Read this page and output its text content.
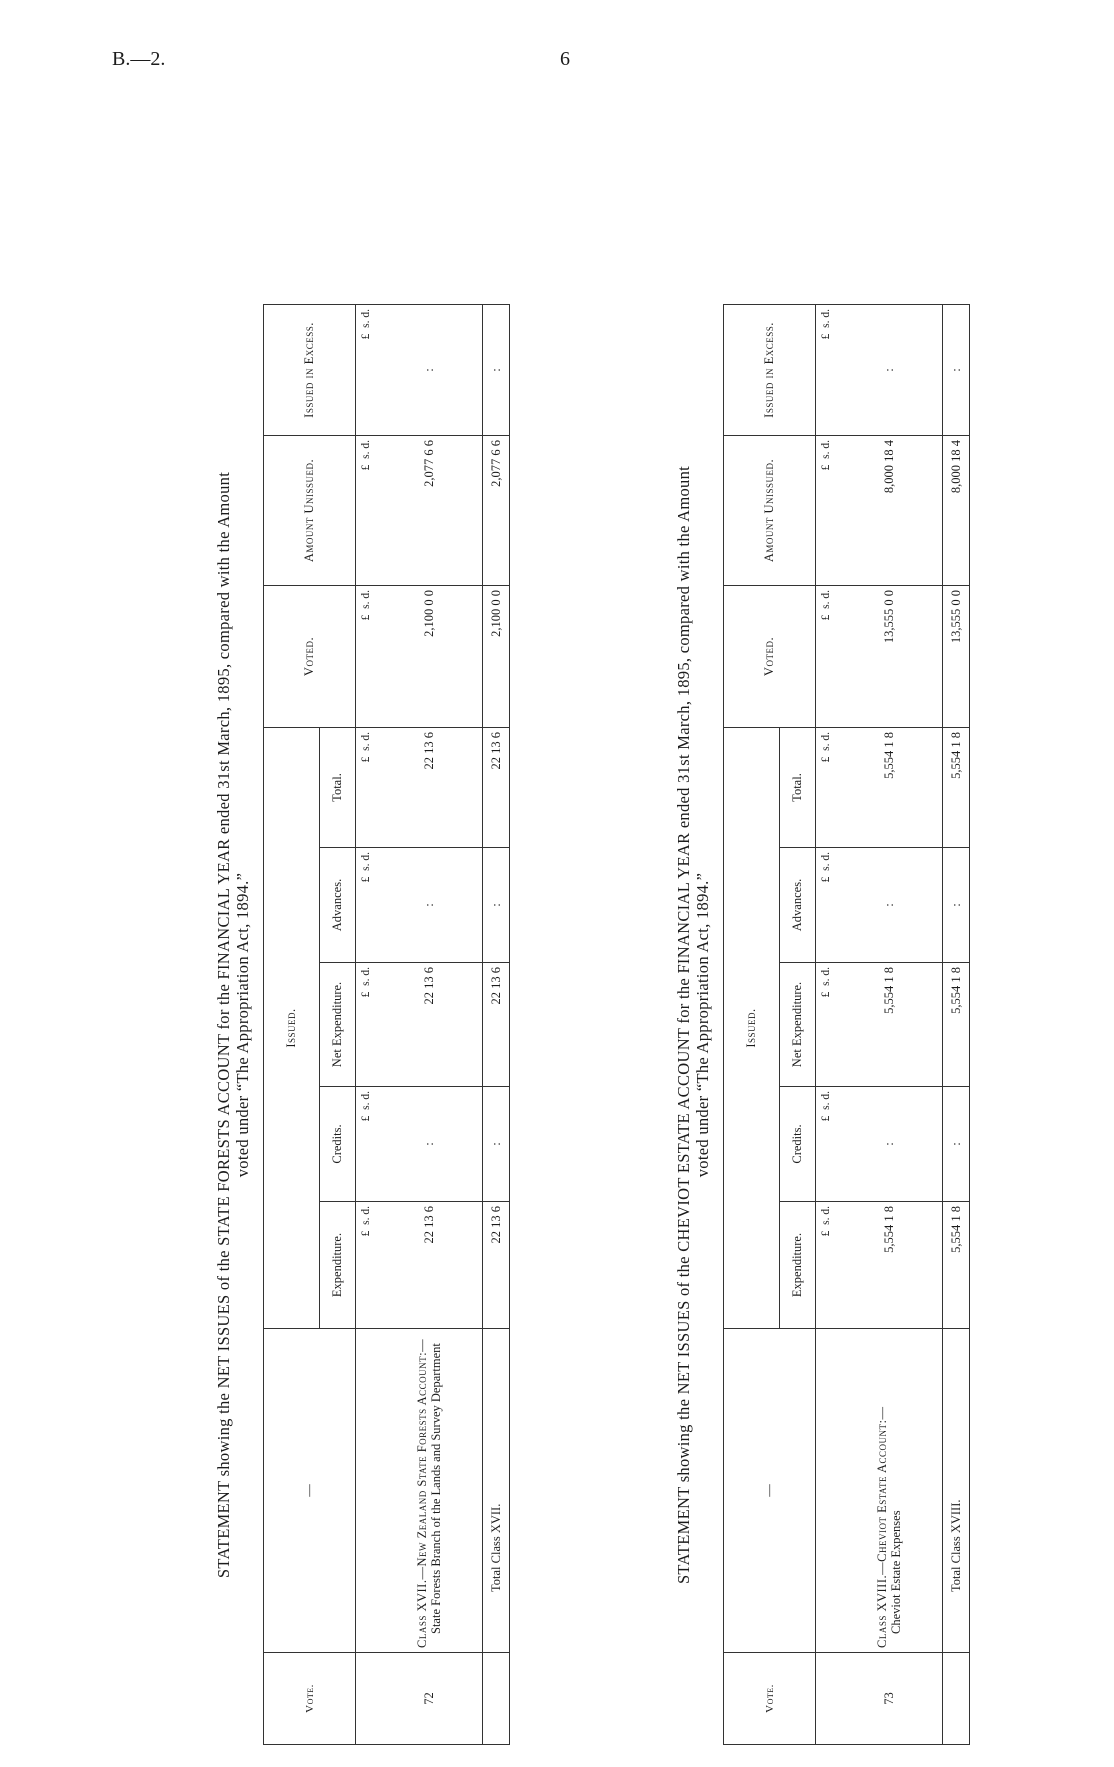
B.—2.	6
STATEMENT showing the NET ISSUES of the STATE FORESTS ACCOUNT for the FINANCIAL YEAR ended 31st March, 1895, compared with the Amount voted under “The Appropriation Act, 1894.”
Vote.	—	Issued.					Voted.	Amount Unissued.	Issued in Excess.
		Expenditure.	Credits.	Net Expenditure.	Advances.	Total.			
		£  s. d.	£  s. d.	£  s. d.	£  s. d.	£  s. d.	£  s. d.	£  s. d.	£  s. d.
72	Class XVII.—New Zealand State Forests Account:— State Forests Branch of the Lands and Survey Department	22 13 6	:	22 13 6	:	22 13 6	2,100 0 0	2,077 6 6	:
	Total Class XVII.	22 13 6	:	22 13 6	:	22 13 6	2,100 0 0	2,077 6 6	:
STATEMENT showing the NET ISSUES of the CHEVIOT ESTATE ACCOUNT for the FINANCIAL YEAR ended 31st March, 1895, compared with the Amount voted under “The Appropriation Act, 1894.”
Vote.	—	Issued.					Voted.	Amount Unissued.	Issued in Excess.
		Expenditure.	Credits.	Net Expenditure.	Advances.	Total.			
		£  s. d.	£  s. d.	£  s. d.	£  s. d.	£  s. d.	£  s. d.	£  s. d.	£  s. d.
73	Class XVIII.—Cheviot Estate Account:— Cheviot Estate Expenses	5,554 1 8	:	5,554 1 8	:	5,554 1 8	13,555 0 0	8,000 18 4	:
	Total Class XVIII.	5,554 1 8	:	5,554 1 8	:	5,554 1 8	13,555 0 0	8,000 18 4	:
